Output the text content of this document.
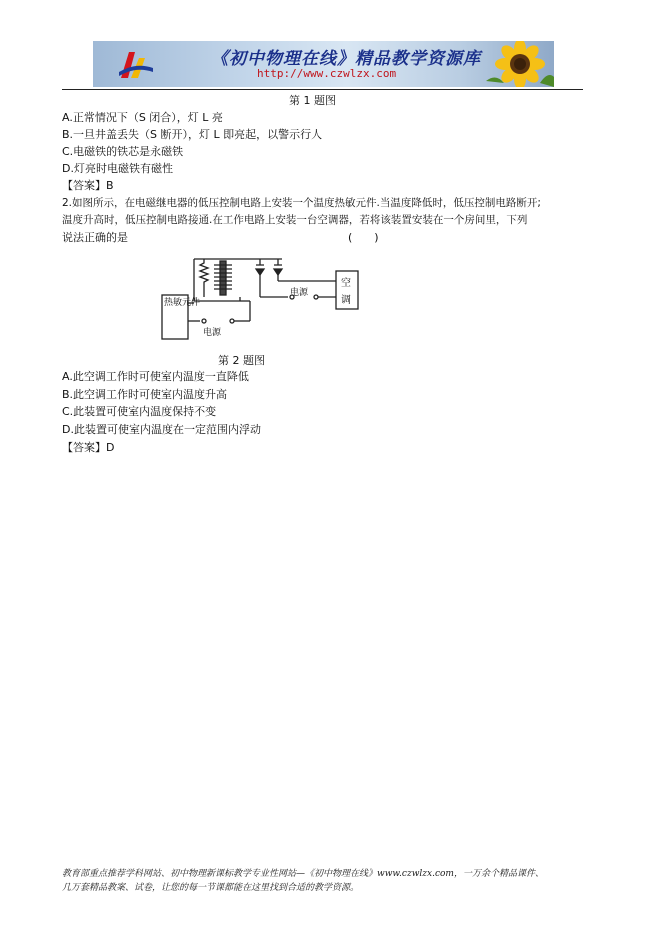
《初中物理在线》精品教学资源库
http://www.czwlzx.com
第 1 题图
A.正常情况下（S 闭合），灯 L 亮
B.一旦井盖丢失（S 断开），灯 L 即亮起，以警示行人
C.电磁铁的铁芯是永磁铁
D.灯亮时电磁铁有磁性
【答案】B
2.如图所示，在电磁继电器的低压控制电路上安装一个温度热敏元件.当温度降低时，低压控制电路断开;
温度升高时，低压控制电路接通.在工作电路上安装一台空调器，若将该装置安装在一个房间里，下列
说法正确的是	(　　)
热敏元件
电源
电源
空
调
第 2 题图
A.此空调工作时可使室内温度一直降低
B.此空调工作时可使室内温度升高
C.此装置可使室内温度保持不变
D.此装置可使室内温度在一定范围内浮动
【答案】D
教育部重点推荐学科网站、初中物理新课标教学专业性网站—《初中物理在线》www.czwlzx.com，一万余个精品课件、
几万套精品教案、试卷，让您的每一节课都能在这里找到合适的教学资源。
